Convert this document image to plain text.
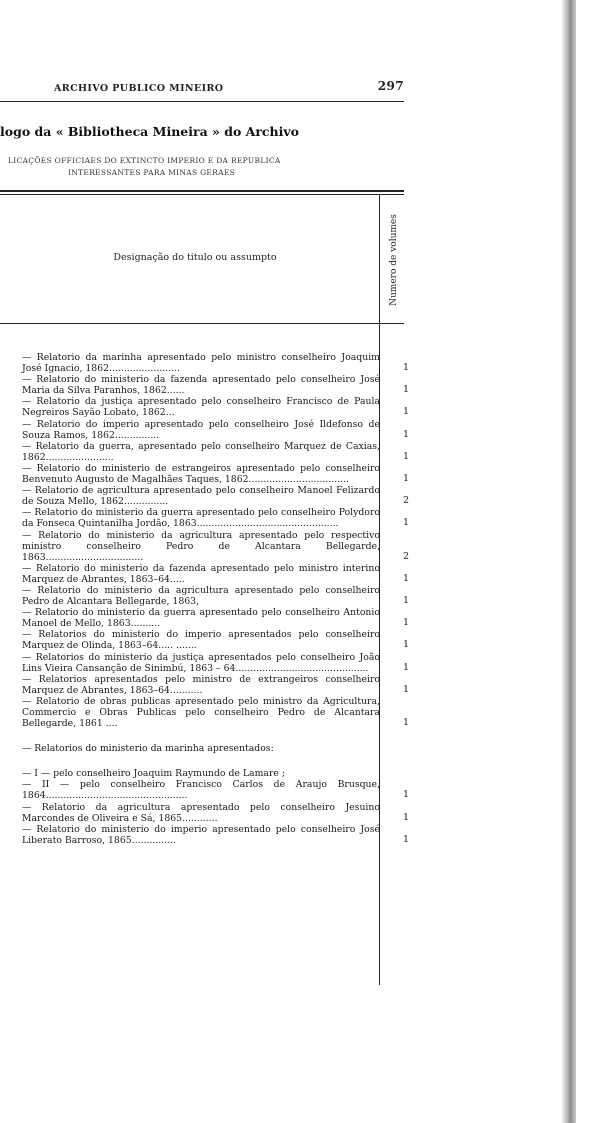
ARCHIVO PUBLICO MINEIRO	297
logo da « Bibliotheca Mineira » do Archivo
LICAÇÕES OFFICIAES DO EXTINCTO IMPERIO E DA REPUBLICA
INTERESSANTES PARA MINAS GERAES
Designação do titulo ou assumpto	Numero de volumes
— Relatorio da marinha apresentado pelo ministro conselheiro Joaquim José Ignacio, 1862........................	1
— Relatorio do ministerio da fazenda apresentado pelo conselheiro José Maria da Silva Paranhos, 1862......	1
— Relatorio da justiça apresentado pelo conselheiro Francisco de Paula Negreiros Sayão Lobato, 1862...	1
— Relatorio do imperio apresentado pelo conselheiro José Ildefonso de Souza Ramos, 1862...............	1
— Relatorio da guerra, apresentado pelo conselheiro Marquez de Caxias, 1862.......................	1
— Relatorio do ministerio de estrangeiros apresentado pelo conselheiro Benvenuto Augusto de Magalhães Taques, 1862..................................	1
— Relatorio de agricultura apresentado pelo conselheiro Manoel Felizardo de Souza Mello, 1862...............	2
— Relatorio do ministerio da guerra apresentado pelo conselheiro Polydoro da Fonseca Quintanilha Jordão, 1863................................................	1
— Relatorio do ministerio da agricultura apresentado pelo respectivo ministro conselheiro Pedro de Alcantara Bellegarde, 1863.................................	2
— Relatorio do ministerio da fazenda apresentado pelo ministro interino Marquez de Abrantes, 1863–64.....	1
— Relatorio do ministerio da agricultura apresentado pelo conselheiro Pedro de Alcantara Bellegarde, 1863,	1
— Relatorio do ministerio da guerra apresentado pelo conselheiro Antonio Manoel de Mello, 1863..........	1
— Relatorios do ministerio do imperio apresentados pelo conselheiro Marquez de Olinda, 1863–64..... .......	1
— Relatorios do ministerio da justiça apresentados pelo conselheiro João Lins Vieira Cansanção de Sinimbú, 1863 – 64.............................................	1
— Relatorios apresentados pelo ministro de extrangeiros conselheiro Marquez de Abrantes, 1863–64...........	1
— Relatorio de obras publicas apresentado pelo ministro da Agricultura, Commercio e Obras Publicas pelo conselheiro Pedro de Alcantara Bellegarde, 1861 ....	1
— Relatorios do ministerio da marinha apresentados:
— I — pelo conselheiro Joaquim Raymundo de Lamare ;
— II — pelo conselheiro Francisco Carlos de Araujo Brusque, 1864................................................	1
— Relatorio da agricultura apresentado pelo conselheiro Jesuino Marcondes de Oliveira e Sá, 1865............	1
— Relatorio do ministerio do imperio apresentado pelo conselheiro José Liberato Barroso, 1865...............	1
